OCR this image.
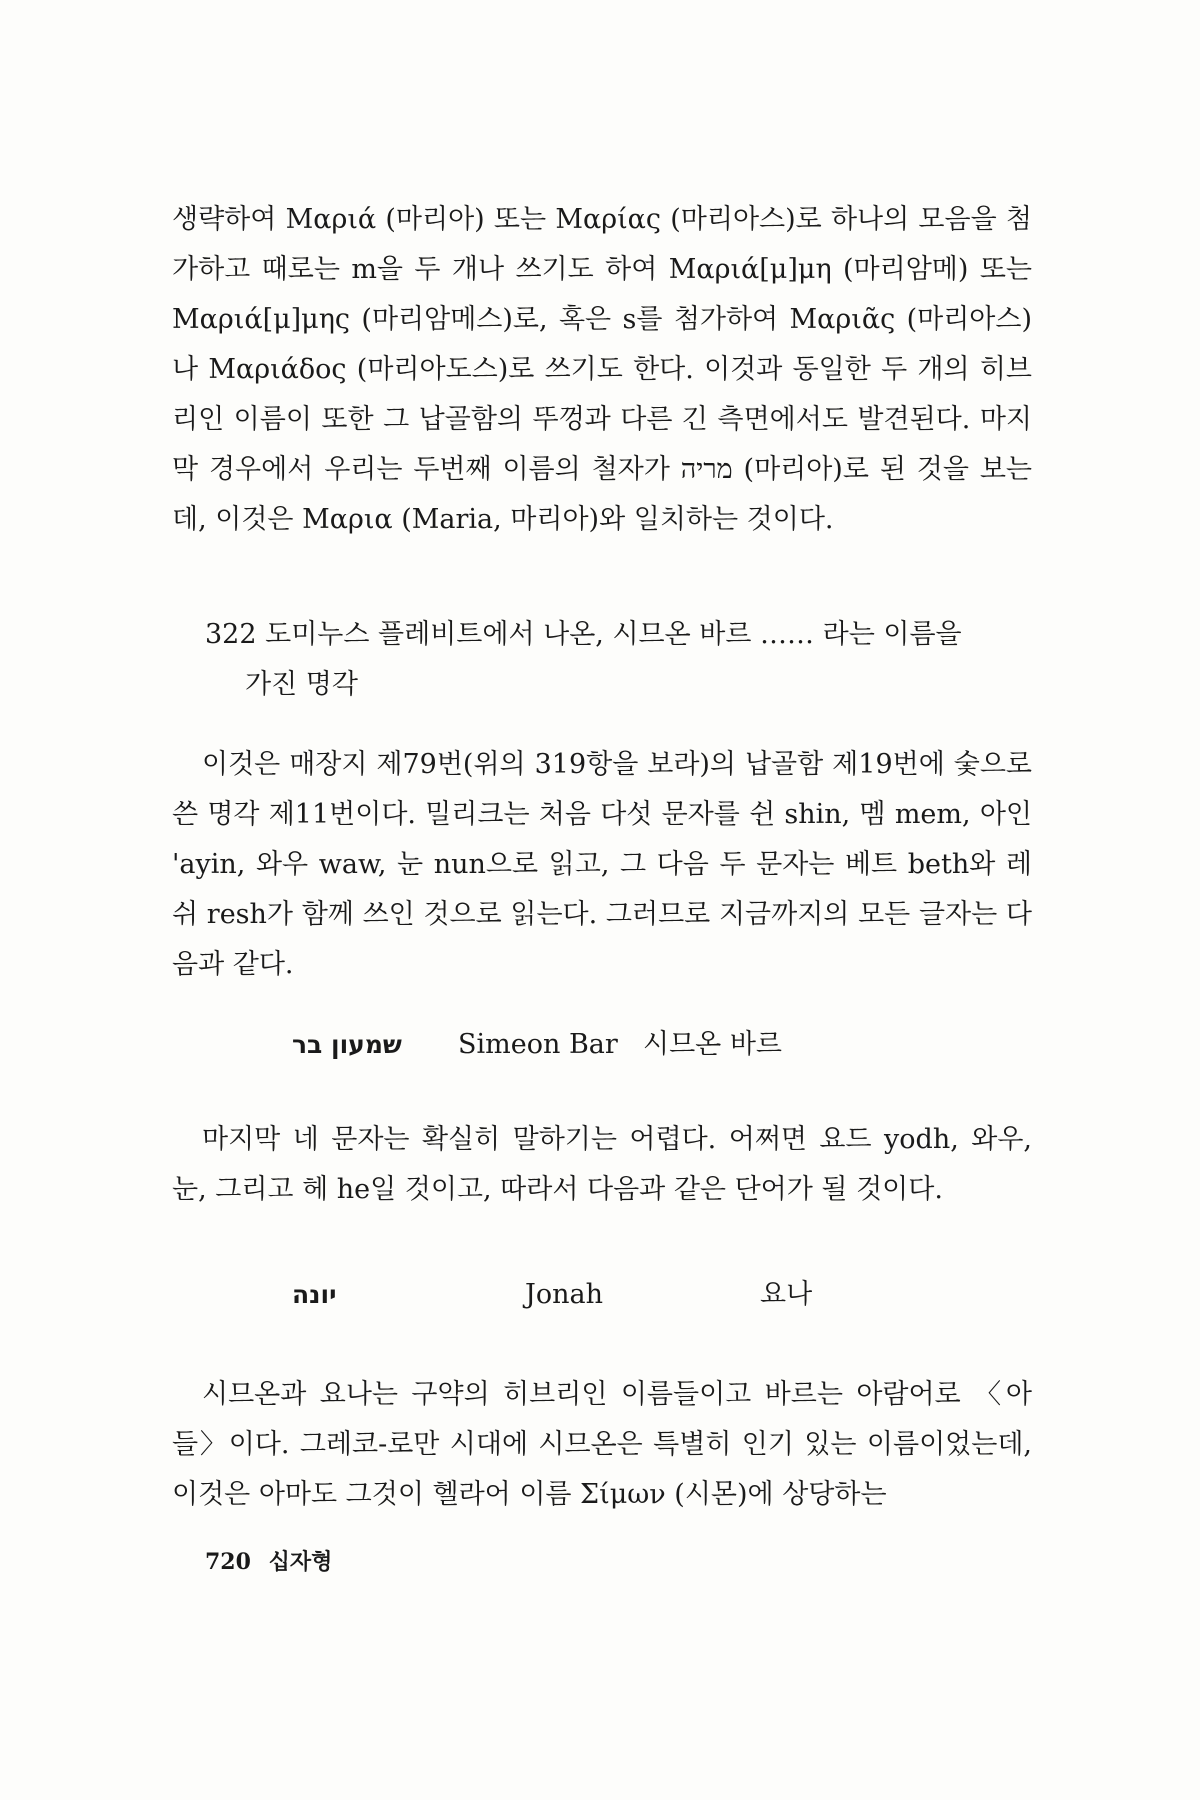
생략하여 Μαριά (마리아) 또는 Μαρίας (마리아스)로 하나의 모음을 첨가하고 때로는 m을 두 개나 쓰기도 하여 Μαριά[μ]μη (마리암메) 또는 Μαριά[μ]μης (마리암메스)로, 혹은 s를 첨가하여 Μαριᾶς (마리아스)나 Μαριάδος (마리아도스)로 쓰기도 한다. 이것과 동일한 두 개의 히브리인 이름이 또한 그 납골함의 뚜껑과 다른 긴 측면에서도 발견된다. 마지막 경우에서 우리는 두번째 이름의 철자가 מריה (마리아)로 된 것을 보는데, 이것은 Μαρια (Maria, 마리아)와 일치하는 것이다.

322 도미누스 플레비트에서 나온, 시므온 바르 …… 라는 이름을
가진 명각

이것은 매장지 제79번(위의 319항을 보라)의 납골함 제19번에 숯으로 쓴 명각 제11번이다. 밀리크는 처음 다섯 문자를 쉰 shin, 멤 mem, 아인 'ayin, 와우 waw, 눈 nun으로 읽고, 그 다음 두 문자는 베트 beth와 레쉬 resh가 함께 쓰인 것으로 읽는다. 그러므로 지금까지의 모든 글자는 다음과 같다.

שמעון בר Simeon Bar 시므온 바르

마지막 네 문자는 확실히 말하기는 어렵다. 어쩌면 요드 yodh, 와우, 눈, 그리고 헤 he일 것이고, 따라서 다음과 같은 단어가 될 것이다.

יונה	Jonah	요나

시므온과 요나는 구약의 히브리인 이름들이고 바르는 아람어로 〈아들〉이다. 그레코-로만 시대에 시므온은 특별히 인기 있는 이름이었는데, 이것은 아마도 그것이 헬라어 이름 Σίμων (시몬)에 상당하는

720 십자형
